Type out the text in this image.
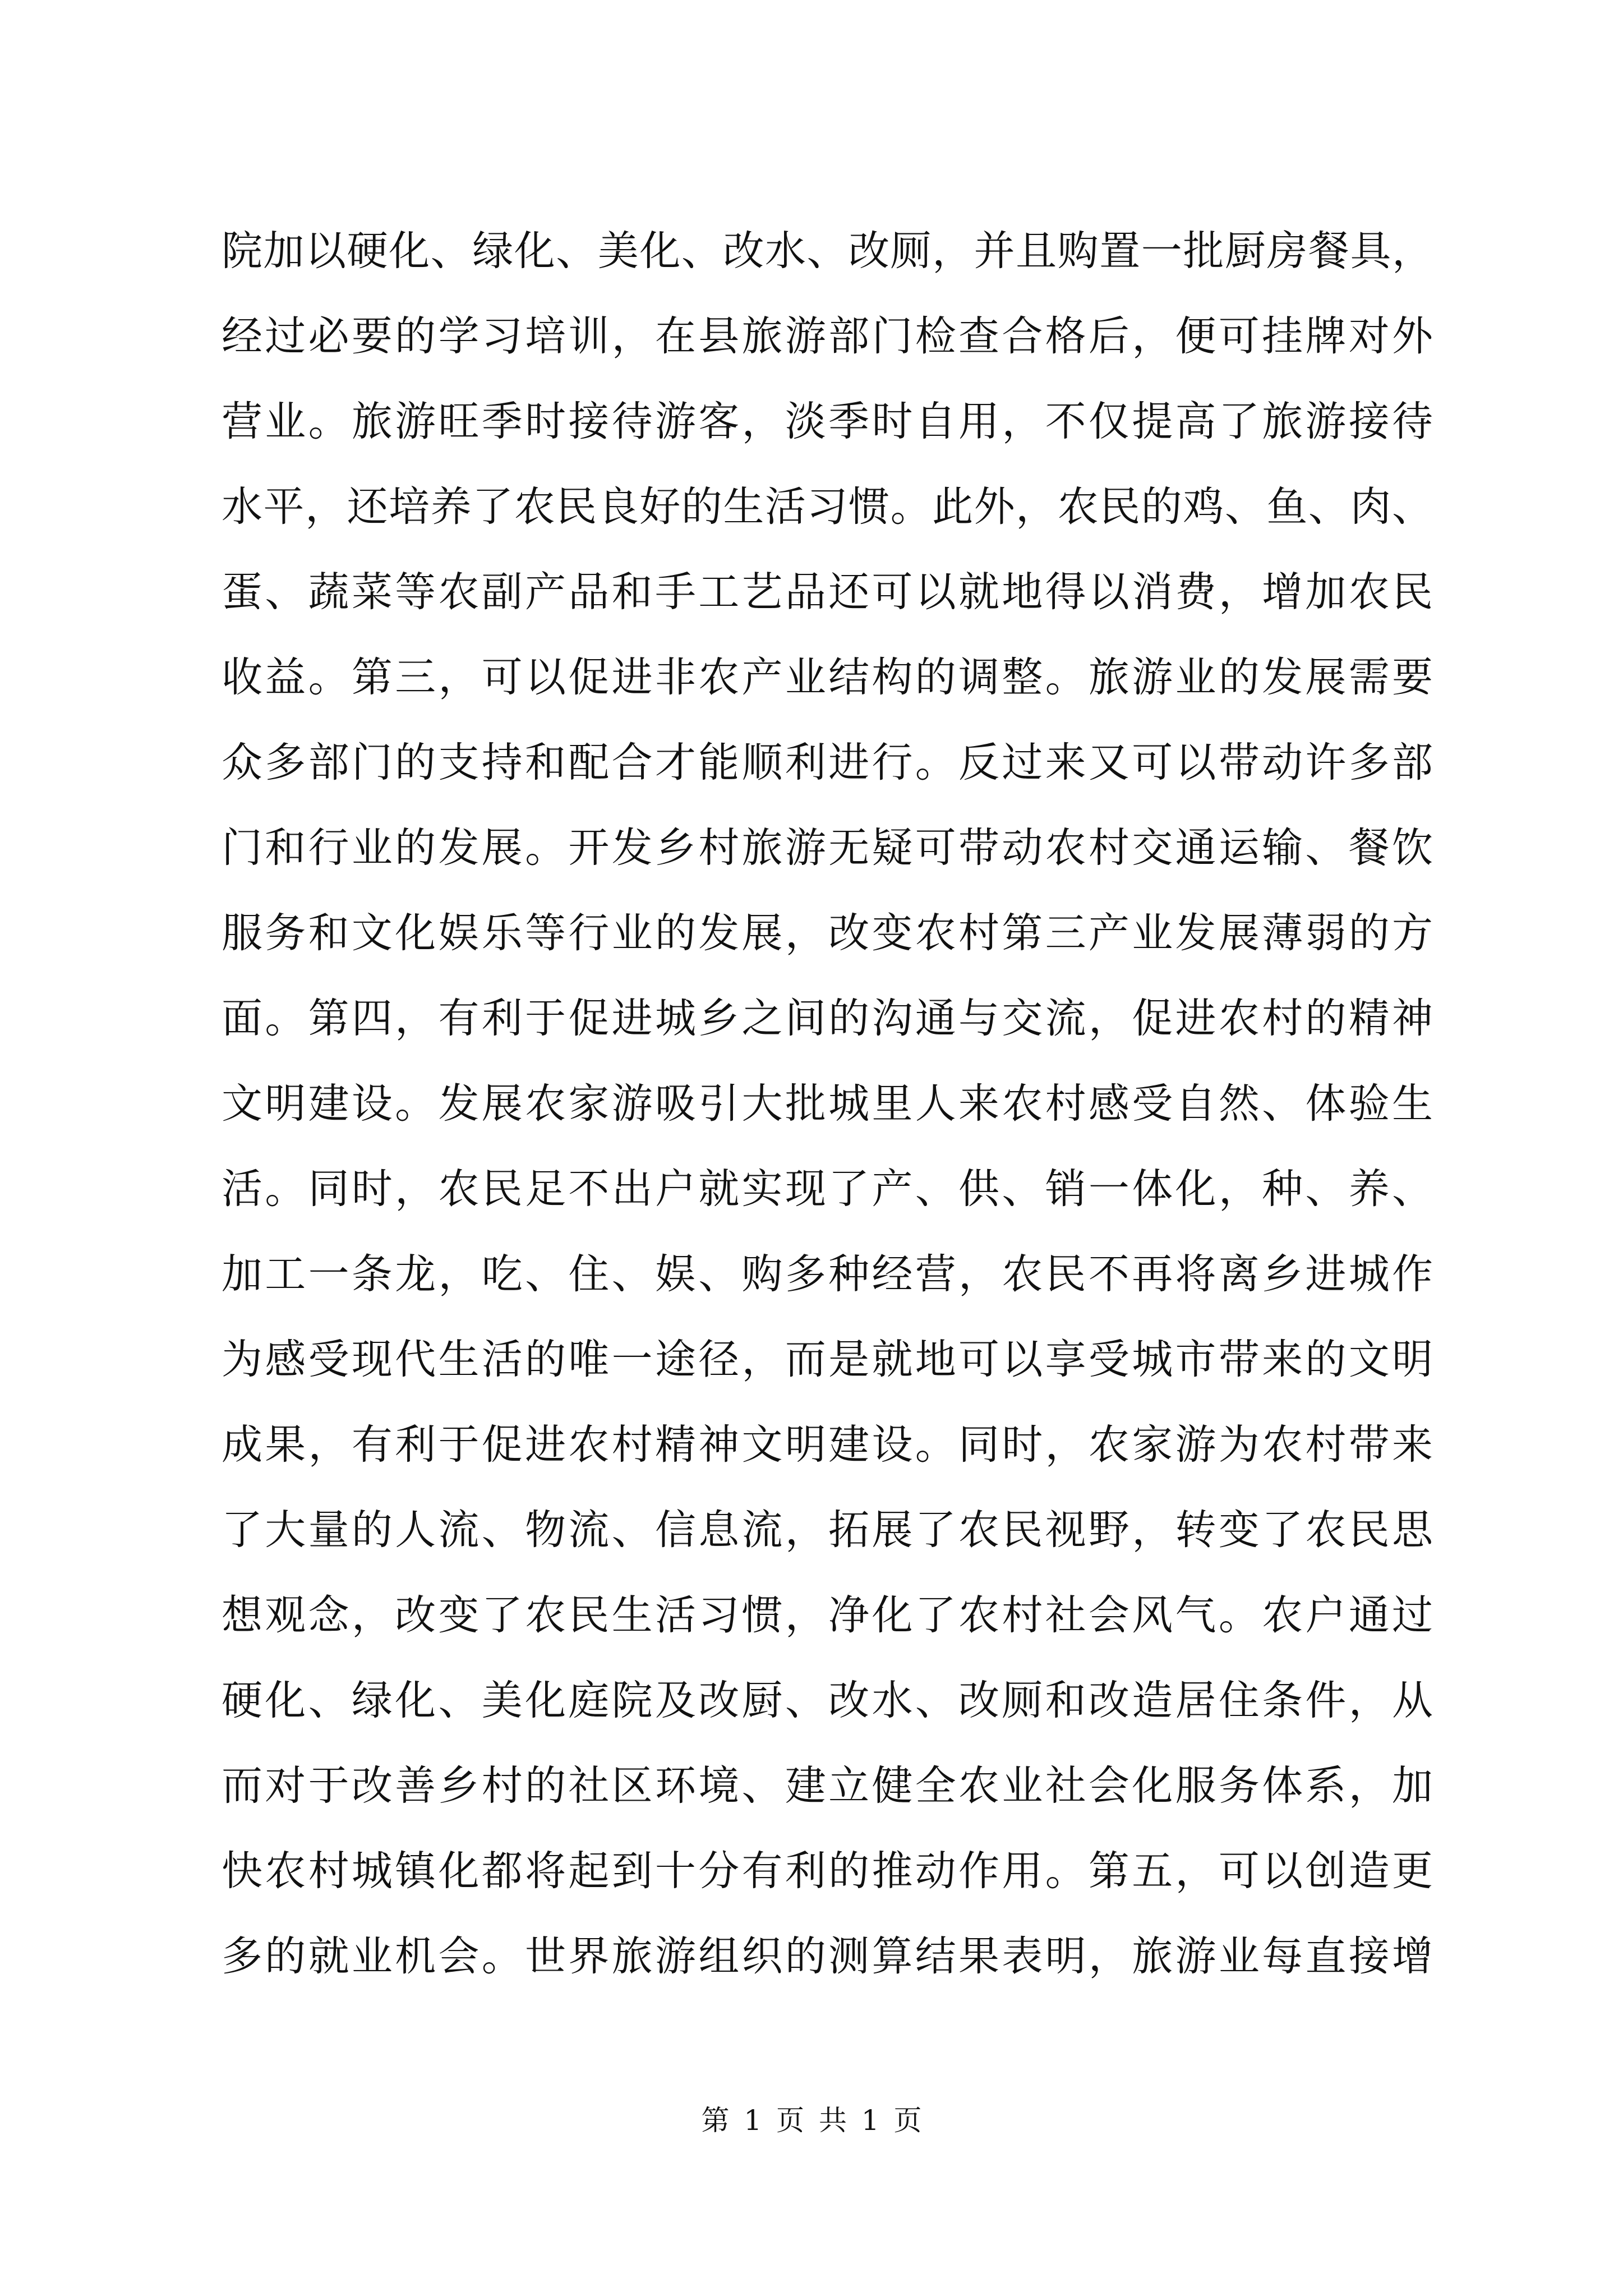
院加以硬化、绿化、美化、改水、改厕，并且购置一批厨房餐具，
经过必要的学习培训，在县旅游部门检查合格后，便可挂牌对外
营业。旅游旺季时接待游客，淡季时自用，不仅提高了旅游接待
水平，还培养了农民良好的生活习惯。此外，农民的鸡、鱼、肉、
蛋、蔬菜等农副产品和手工艺品还可以就地得以消费，增加农民
收益。第三，可以促进非农产业结构的调整。旅游业的发展需要
众多部门的支持和配合才能顺利进行。反过来又可以带动许多部
门和行业的发展。开发乡村旅游无疑可带动农村交通运输、餐饮
服务和文化娱乐等行业的发展，改变农村第三产业发展薄弱的方
面。第四，有利于促进城乡之间的沟通与交流，促进农村的精神
文明建设。发展农家游吸引大批城里人来农村感受自然、体验生
活。同时，农民足不出户就实现了产、供、销一体化，种、养、
加工一条龙，吃、住、娱、购多种经营，农民不再将离乡进城作
为感受现代生活的唯一途径，而是就地可以享受城市带来的文明
成果，有利于促进农村精神文明建设。同时，农家游为农村带来
了大量的人流、物流、信息流，拓展了农民视野，转变了农民思
想观念，改变了农民生活习惯，净化了农村社会风气。农户通过
硬化、绿化、美化庭院及改厨、改水、改厕和改造居住条件，从
而对于改善乡村的社区环境、建立健全农业社会化服务体系，加
快农村城镇化都将起到十分有利的推动作用。第五，可以创造更
多的就业机会。世界旅游组织的测算结果表明，旅游业每直接增
第 1 页 共 1 页
